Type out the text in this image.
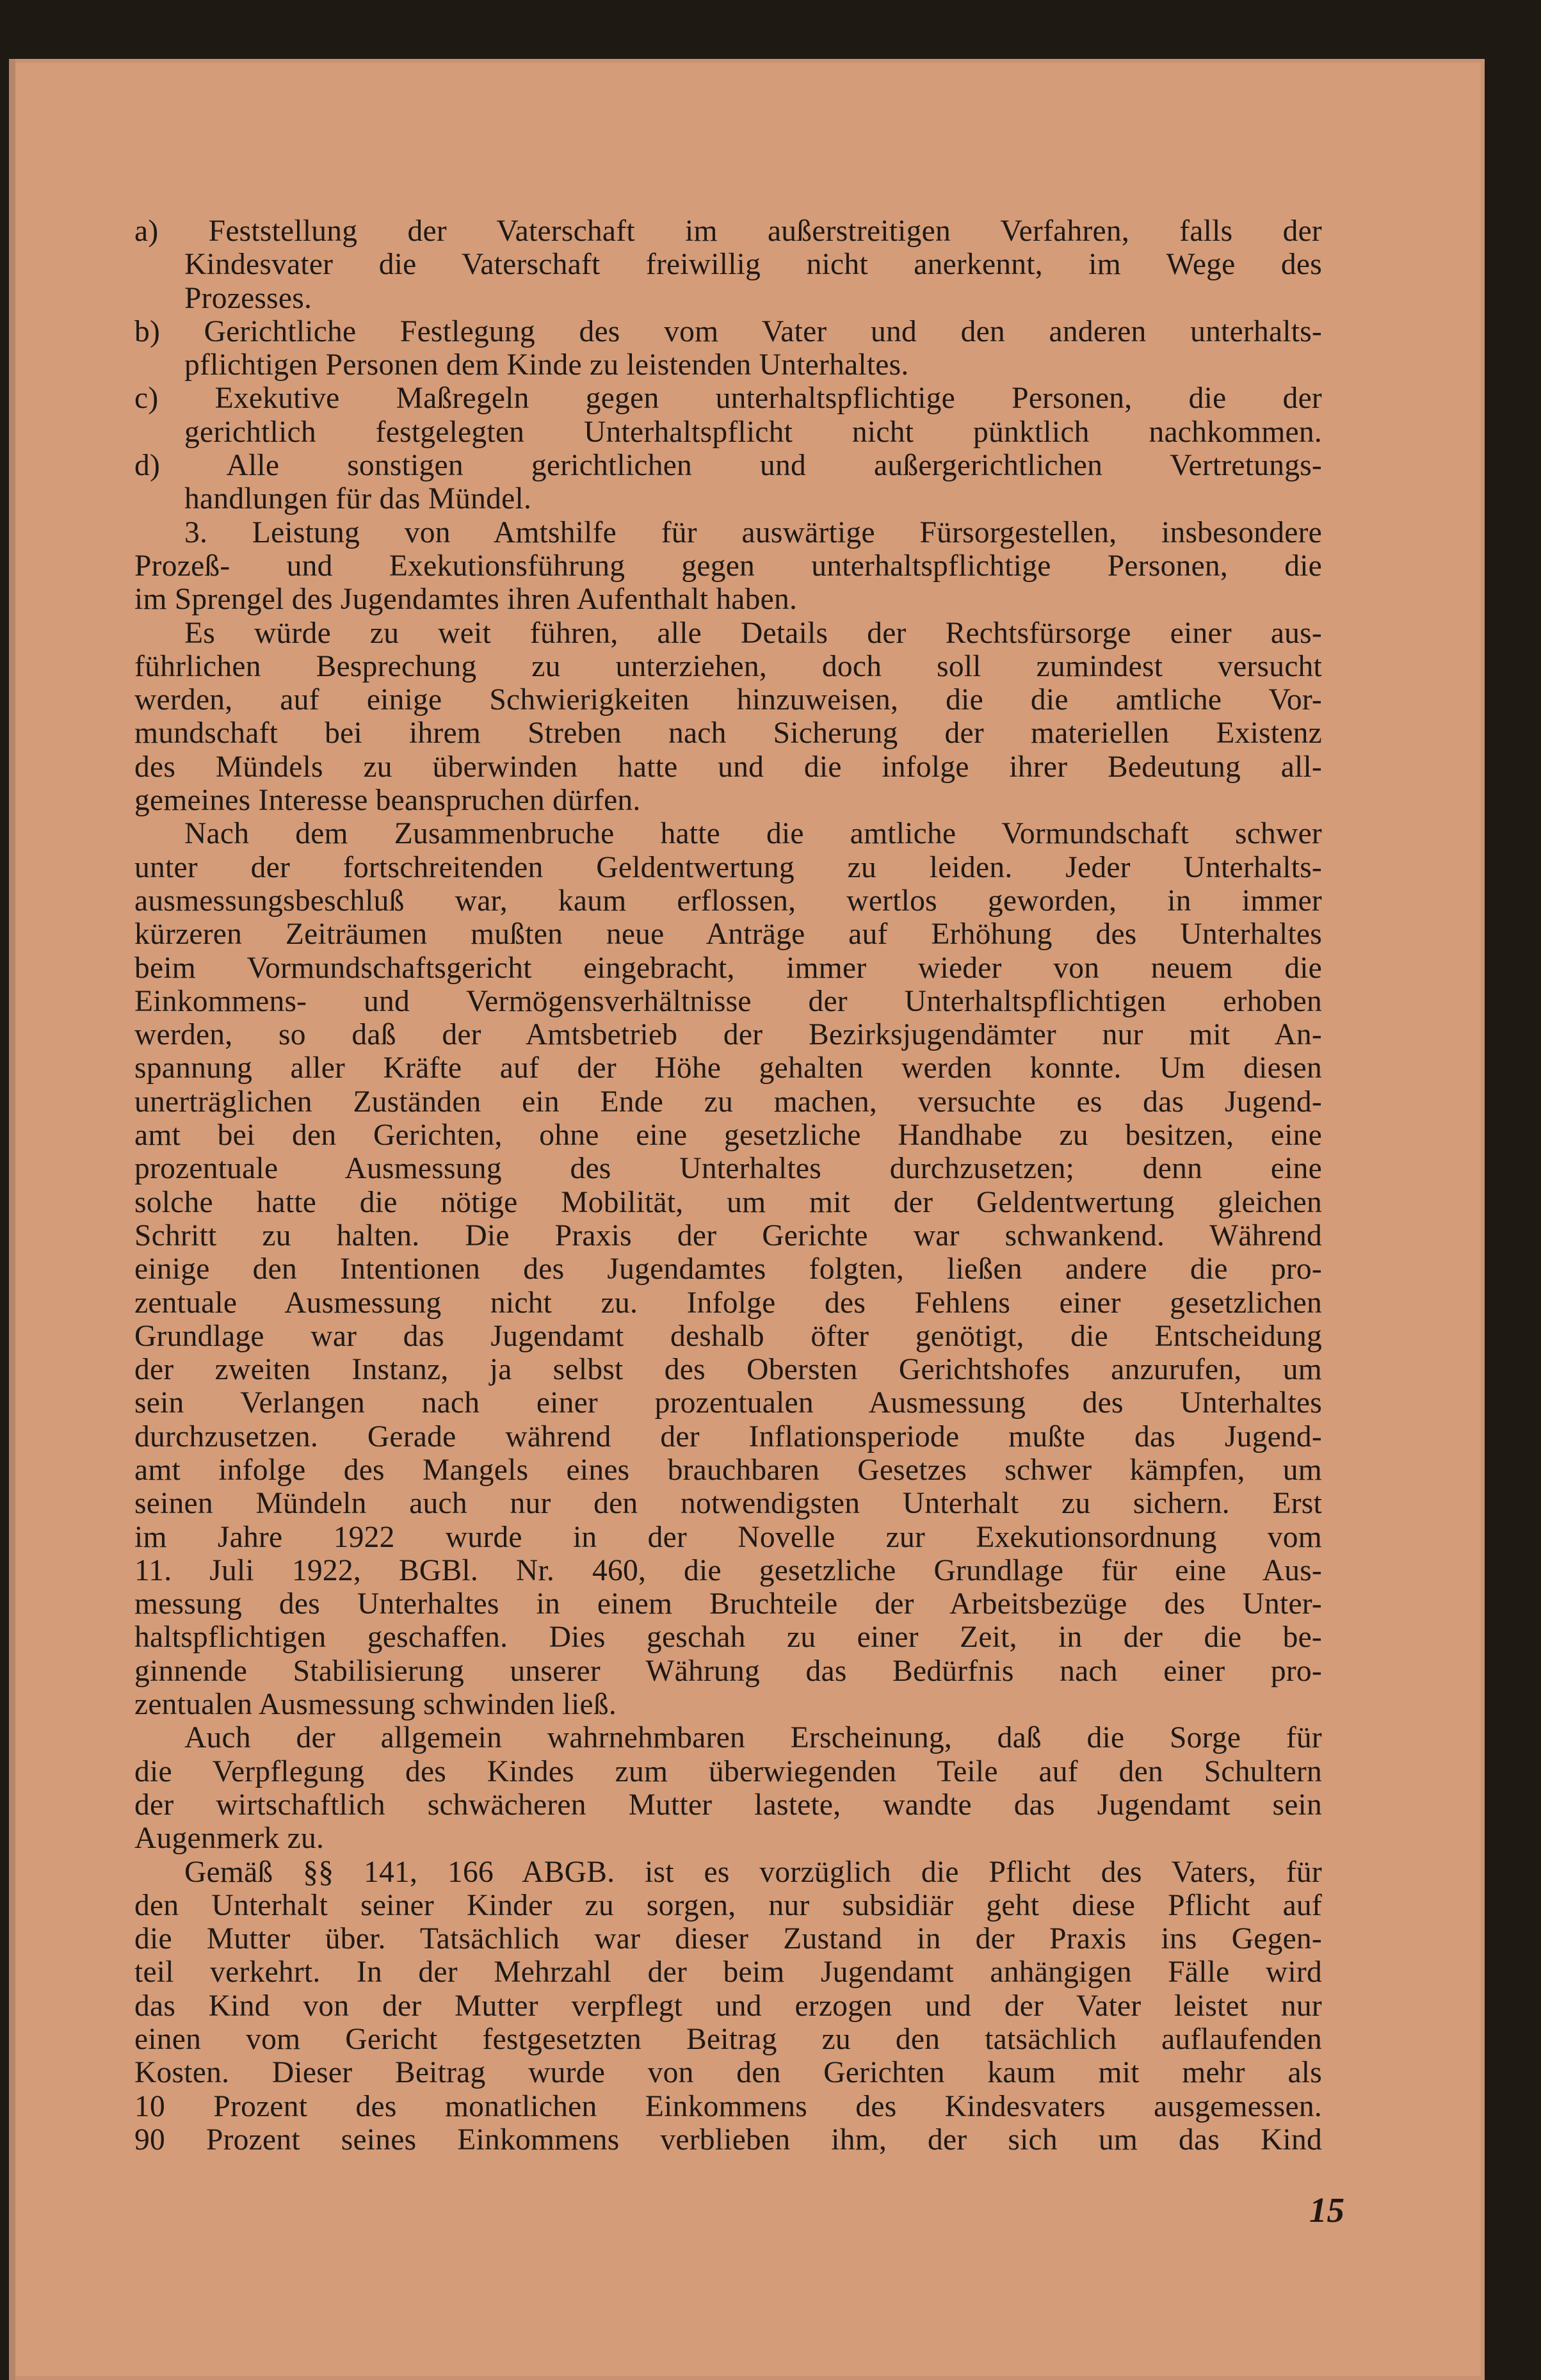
a) Feststellung der Vaterschaft im außerstreitigen Verfahren, falls der
Kindesvater die Vaterschaft freiwillig nicht anerkennt, im Wege des
Prozesses.
b) Gerichtliche Festlegung des vom Vater und den anderen unterhalts-
pflichtigen Personen dem Kinde zu leistenden Unterhaltes.
c) Exekutive Maßregeln gegen unterhaltspflichtige Personen, die der
gerichtlich festgelegten Unterhaltspflicht nicht pünktlich nachkommen.
d) Alle sonstigen gerichtlichen und außergerichtlichen Vertretungs-
handlungen für das Mündel.
3. Leistung von Amtshilfe für auswärtige Fürsorgestellen, insbesondere
Prozeß- und Exekutionsführung gegen unterhaltspflichtige Personen, die
im Sprengel des Jugendamtes ihren Aufenthalt haben.
Es würde zu weit führen, alle Details der Rechtsfürsorge einer aus-
führlichen Besprechung zu unterziehen, doch soll zumindest versucht
werden, auf einige Schwierigkeiten hinzuweisen, die die amtliche Vor-
mundschaft bei ihrem Streben nach Sicherung der materiellen Existenz
des Mündels zu überwinden hatte und die infolge ihrer Bedeutung all-
gemeines Interesse beanspruchen dürfen.
Nach dem Zusammenbruche hatte die amtliche Vormundschaft schwer
unter der fortschreitenden Geldentwertung zu leiden. Jeder Unterhalts-
ausmessungsbeschluß war, kaum erflossen, wertlos geworden, in immer
kürzeren Zeiträumen mußten neue Anträge auf Erhöhung des Unterhaltes
beim Vormundschaftsgericht eingebracht, immer wieder von neuem die
Einkommens- und Vermögensverhältnisse der Unterhaltspflichtigen erhoben
werden, so daß der Amtsbetrieb der Bezirksjugendämter nur mit An-
spannung aller Kräfte auf der Höhe gehalten werden konnte. Um diesen
unerträglichen Zuständen ein Ende zu machen, versuchte es das Jugend-
amt bei den Gerichten, ohne eine gesetzliche Handhabe zu besitzen, eine
prozentuale Ausmessung des Unterhaltes durchzusetzen; denn eine
solche hatte die nötige Mobilität, um mit der Geldentwertung gleichen
Schritt zu halten. Die Praxis der Gerichte war schwankend. Während
einige den Intentionen des Jugendamtes folgten, ließen andere die pro-
zentuale Ausmessung nicht zu. Infolge des Fehlens einer gesetzlichen
Grundlage war das Jugendamt deshalb öfter genötigt, die Entscheidung
der zweiten Instanz, ja selbst des Obersten Gerichtshofes anzurufen, um
sein Verlangen nach einer prozentualen Ausmessung des Unterhaltes
durchzusetzen. Gerade während der Inflationsperiode mußte das Jugend-
amt infolge des Mangels eines brauchbaren Gesetzes schwer kämpfen, um
seinen Mündeln auch nur den notwendigsten Unterhalt zu sichern. Erst
im Jahre 1922 wurde in der Novelle zur Exekutionsordnung vom
11. Juli 1922, BGBl. Nr. 460, die gesetzliche Grundlage für eine Aus-
messung des Unterhaltes in einem Bruchteile der Arbeitsbezüge des Unter-
haltspflichtigen geschaffen. Dies geschah zu einer Zeit, in der die be-
ginnende Stabilisierung unserer Währung das Bedürfnis nach einer pro-
zentualen Ausmessung schwinden ließ.
Auch der allgemein wahrnehmbaren Erscheinung, daß die Sorge für
die Verpflegung des Kindes zum überwiegenden Teile auf den Schultern
der wirtschaftlich schwächeren Mutter lastete, wandte das Jugendamt sein
Augenmerk zu.
Gemäß §§ 141, 166 ABGB. ist es vorzüglich die Pflicht des Vaters, für
den Unterhalt seiner Kinder zu sorgen, nur subsidiär geht diese Pflicht auf
die Mutter über. Tatsächlich war dieser Zustand in der Praxis ins Gegen-
teil verkehrt. In der Mehrzahl der beim Jugendamt anhängigen Fälle wird
das Kind von der Mutter verpflegt und erzogen und der Vater leistet nur
einen vom Gericht festgesetzten Beitrag zu den tatsächlich auflaufenden
Kosten. Dieser Beitrag wurde von den Gerichten kaum mit mehr als
10 Prozent des monatlichen Einkommens des Kindesvaters ausgemessen.
90 Prozent seines Einkommens verblieben ihm, der sich um das Kind
15
